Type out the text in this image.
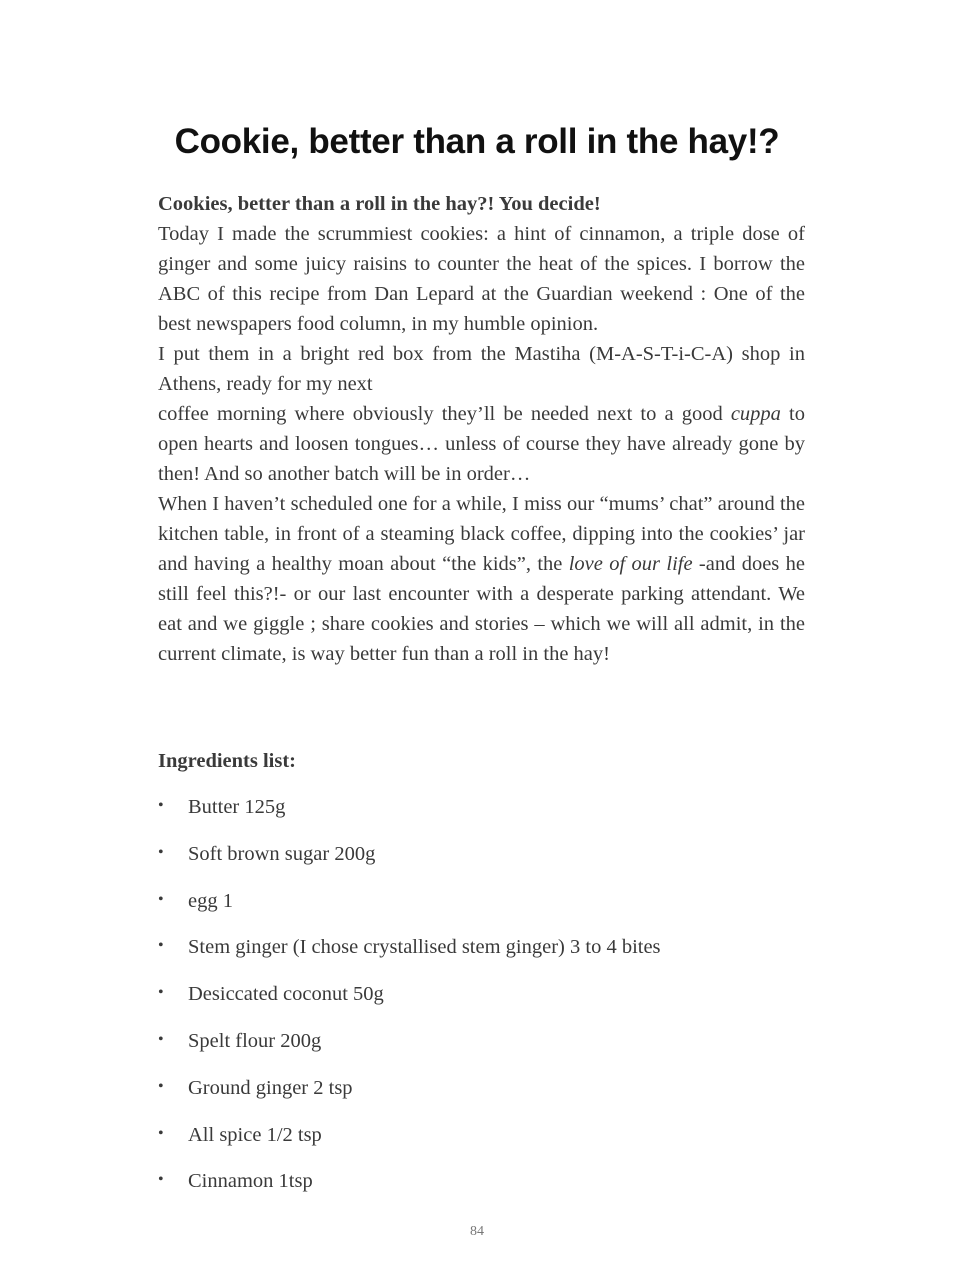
Cookie, better than a roll in the hay!?

Cookies, better than a roll in the hay?! You decide!
Today I made the scrummiest cookies: a hint of cinnamon, a triple dose of ginger and some juicy raisins to counter the heat of the spices. I borrow the ABC of this recipe from Dan Lepard at the Guardian weekend : One of the best newspapers food column, in my humble opinion.

I put them in a bright red box from the Mastiha (M-A-S-T-i-C-A) shop in Athens, ready for my next

coffee morning where obviously they’ll be needed next to a good cuppa to open hearts and loosen tongues… unless of course they have already gone by then! And so another batch will be in order…

When I haven’t scheduled one for a while, I miss our “mums’ chat” around the kitchen table, in front of a steaming black coffee, dipping into the cookies’ jar and having a healthy moan about “the kids”, the love of our life -and does he still feel this?!- or our last encounter with a desperate parking attendant. We eat and we giggle ; share cookies and stories – which we will all admit, in the current climate, is way better fun than a roll in the hay!

Ingredients list:
• Butter 125g
• Soft brown sugar 200g
• egg 1
• Stem ginger (I chose crystallised stem ginger) 3 to 4 bites
• Desiccated coconut 50g
• Spelt flour 200g
• Ground ginger 2 tsp
• All spice 1/2 tsp
• Cinnamon 1tsp
84
